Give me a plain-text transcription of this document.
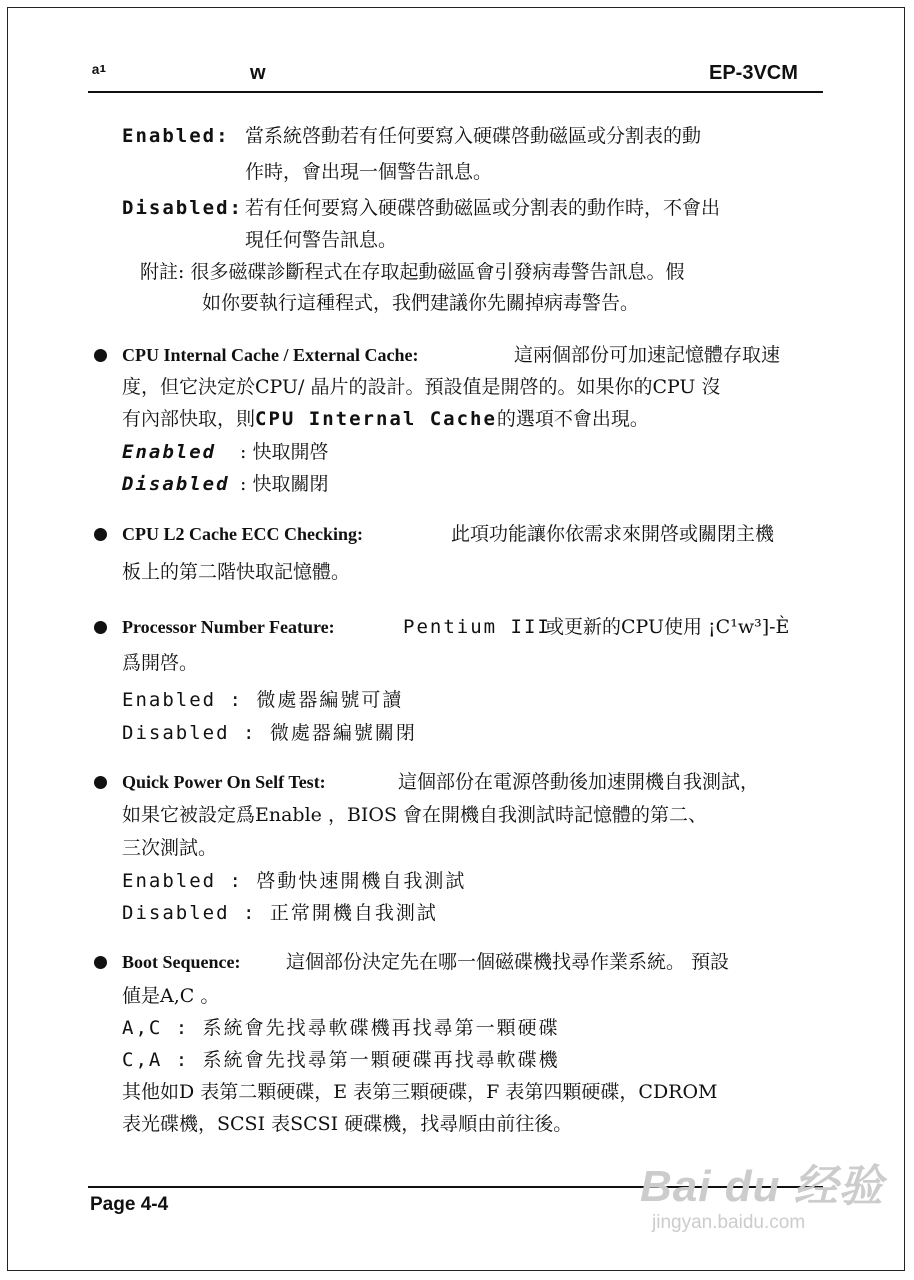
ᵃ¹	w	EP-3VCM
Enabled: 當系統啓動若有任何要寫入硬碟啓動磁區或分割表的動
作時，會出現一個警告訊息。
Disabled: 若有任何要寫入硬碟啓動磁區或分割表的動作時，不會出
現任何警告訊息。
附註: 很多磁碟診斷程式在存取起動磁區會引發病毒警告訊息。假
如你要執行這種程式，我們建議你先關掉病毒警告。
CPU Internal Cache / External Cache:	這兩個部份可加速記憶體存取速
度，但它決定於CPU/ 晶片的設計。預設值是開啓的。如果你的CPU 沒
有內部快取，則CPU Internal Cache的選項不會出現。
Enabled : 快取開啓
Disabled : 快取關閉
CPU L2 Cache ECC Checking:	此項功能讓你依需求來開啓或關閉主機
板上的第二階快取記憶體。
Processor Number Feature:	Pentium III
或更新的CPU使用 ¡C¹w³]-È
爲開啓。
Enabled : 微處器編號可讀
Disabled : 微處器編號關閉
Quick Power On Self Test:	這個部份在電源啓動後加速開機自我測試，
如果它被設定爲Enable ，BIOS 會在開機自我測試時記憶體的第二、
三次測試。
Enabled : 啓動快速開機自我測試
Disabled : 正常開機自我測試
Boot Sequence: 這個部份決定先在哪一個磁碟機找尋作業系統。 預設
値是A,C 。
A,C : 系統會先找尋軟碟機再找尋第一顆硬碟
C,A : 系統會先找尋第一顆硬碟再找尋軟碟機
其他如D 表第二顆硬碟，E 表第三顆硬碟，F 表第四顆硬碟，CDROM
表光碟機，SCSI 表SCSI 硬碟機，找尋順由前往後。
Page 4-4	Bai du 经验
jingyan.baidu.com
